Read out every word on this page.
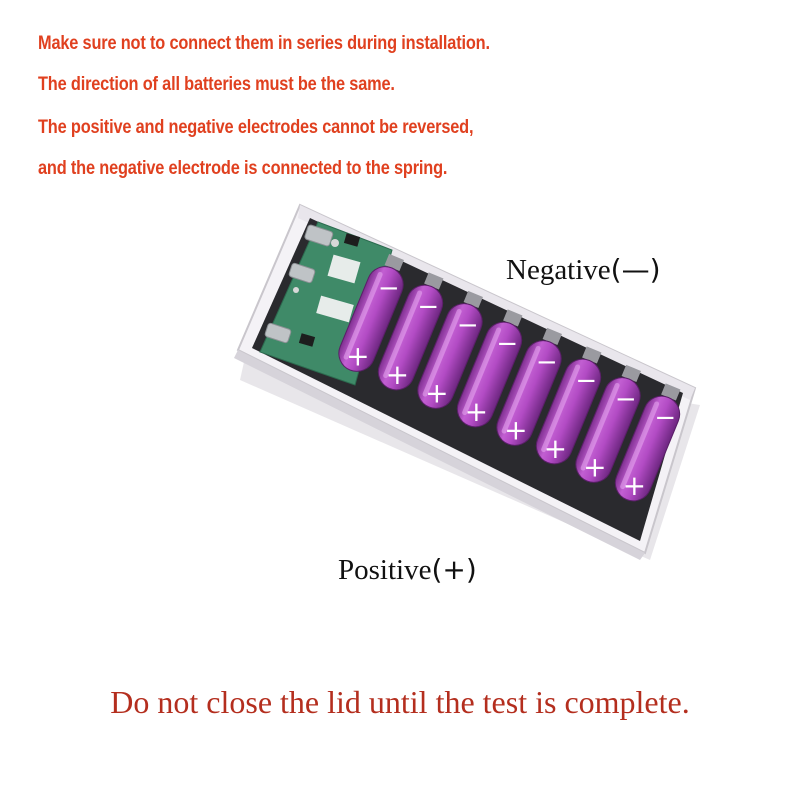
Make sure not to connect them in series during installation.

The direction of all batteries must be the same.

The positive and negative electrodes cannot be reversed,

and the negative electrode is connected to the spring.

−
+
−
+
−
+
−
+
−
+
−
+
−
+
−
+

Negative(—)

Positive(+)

Do not close the lid until the test is complete.
